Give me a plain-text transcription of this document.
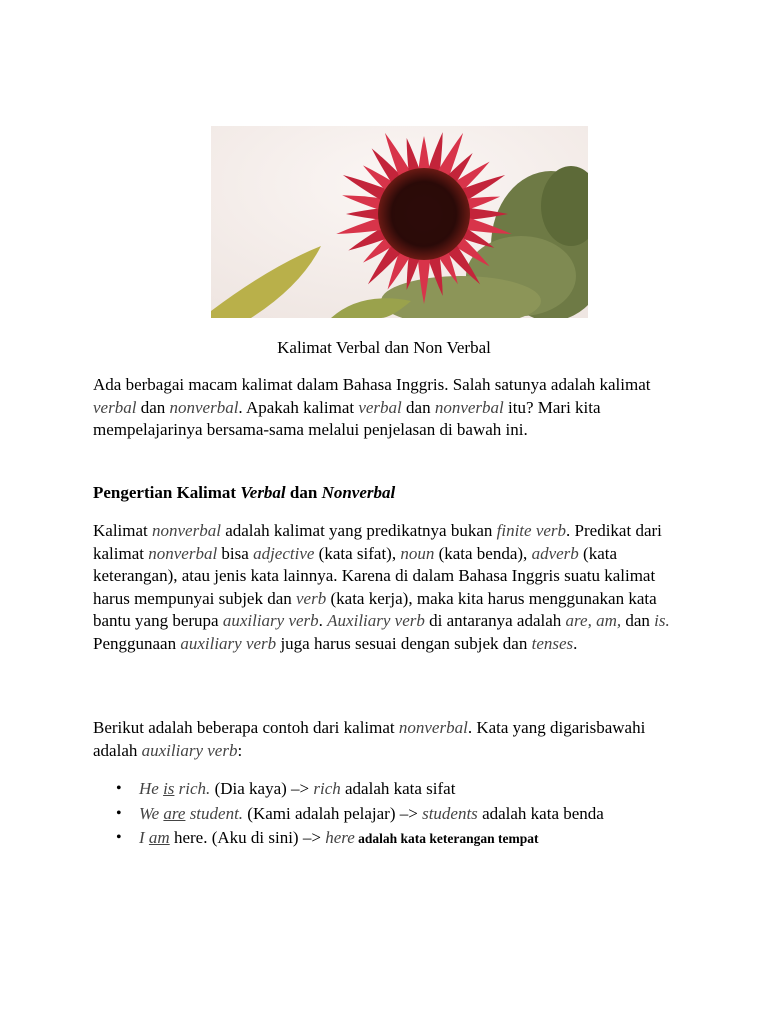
Kalimat Verbal dan Non Verbal

Ada berbagai macam kalimat dalam Bahasa Inggris. Salah satunya adalah kalimat verbal dan nonverbal. Apakah kalimat verbal dan nonverbal itu? Mari kita mempelajarinya bersama-sama melalui penjelasan di bawah ini.

Pengertian Kalimat Verbal dan Nonverbal

Kalimat nonverbal adalah kalimat yang predikatnya bukan finite verb. Predikat dari kalimat nonverbal bisa adjective (kata sifat), noun (kata benda), adverb (kata keterangan), atau jenis kata lainnya. Karena di dalam Bahasa Inggris suatu kalimat harus mempunyai subjek dan verb (kata kerja), maka kita harus menggunakan kata bantu yang berupa auxiliary verb. Auxiliary verb di antaranya adalah are, am, dan is. Penggunaan auxiliary verb juga harus sesuai dengan subjek dan tenses.

Berikut adalah beberapa contoh dari kalimat nonverbal. Kata yang digarisbawahi adalah auxiliary verb:

• He is rich. (Dia kaya) –> rich adalah kata sifat
• We are student. (Kami adalah pelajar) –> students adalah kata benda
• I am here. (Aku di sini) –> here adalah kata keterangan tempat
